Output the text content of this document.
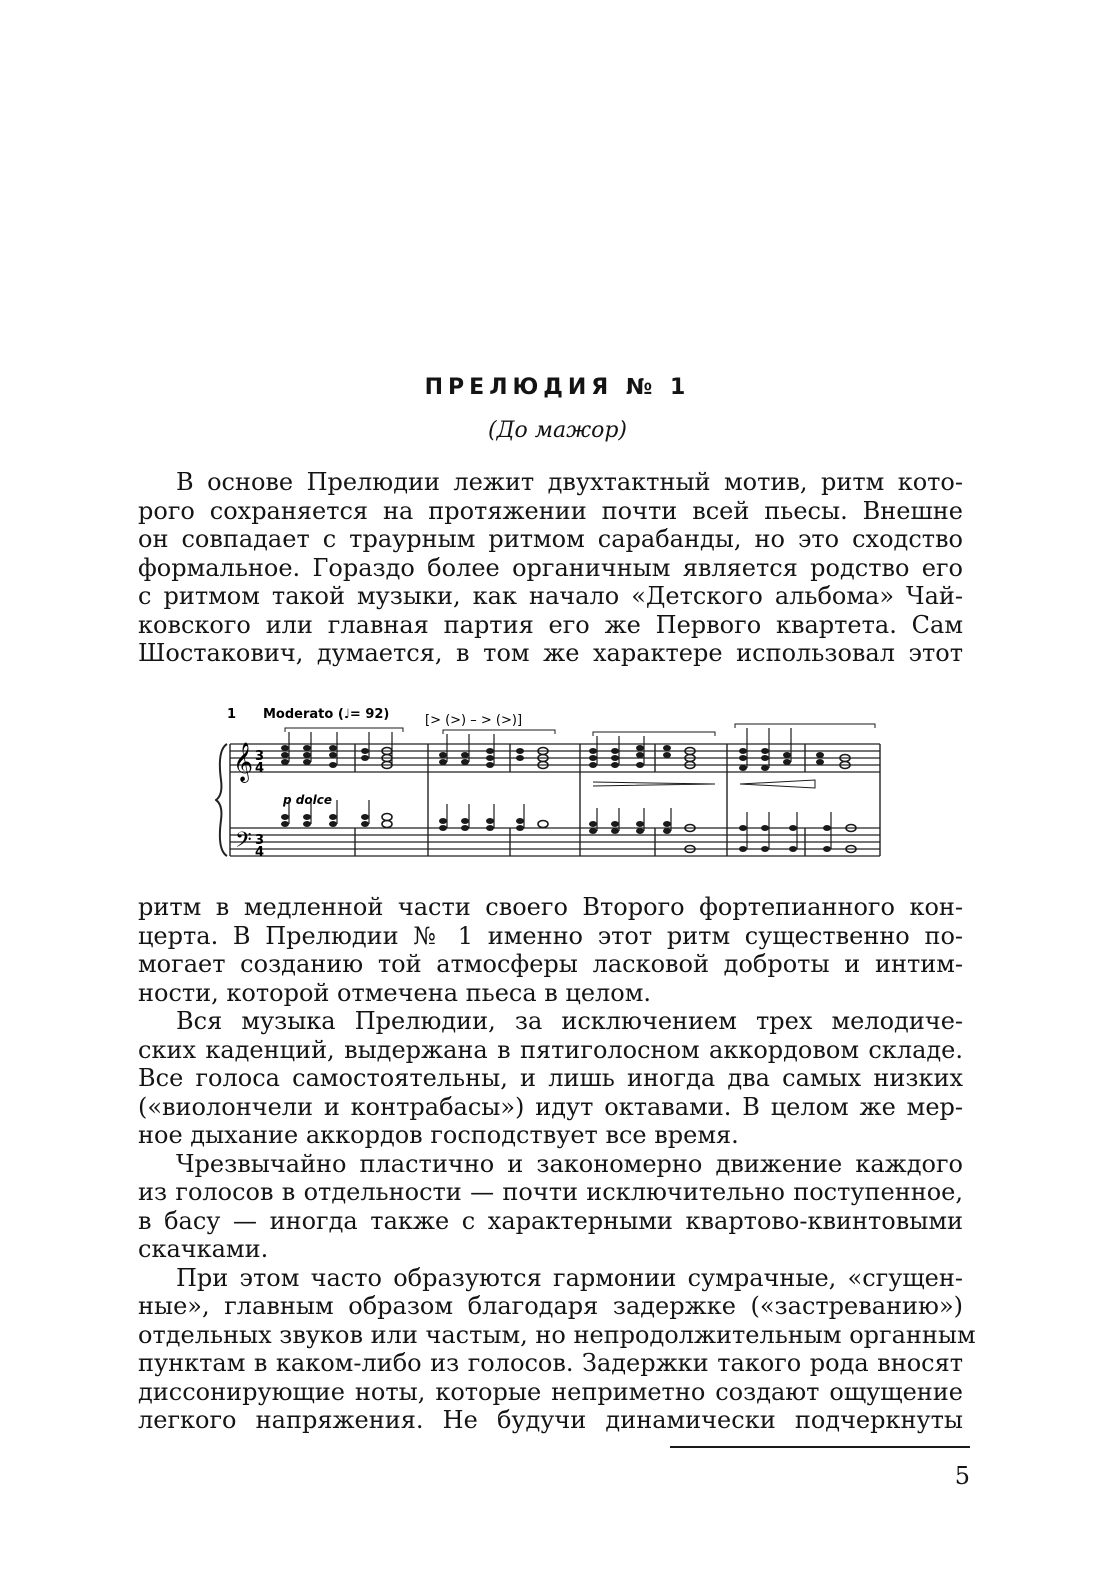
ПРЕЛЮДИЯ № 1
(До мажор)
В основе Прелюдии лежит двухтактный мотив, ритм кото-
рого сохраняется на протяжении почти всей пьесы. Внешне
он совпадает с траурным ритмом сарабанды, но это сходство
формальное. Гораздо более органичным является родство его
с ритмом такой музыки, как начало «Детского альбома» Чай-
ковского или главная партия его же Первого квартета. Сам
Шостакович, думается, в том же характере использовал этот
1 Moderato (♩= 92)	[> (>) – > (>)]
p dolce
𝄞
𝄢
3
4
3
4
ритм в медленной части своего Второго фортепианного кон-
церта. В Прелюдии № 1 именно этот ритм существенно по-
могает созданию той атмосферы ласковой доброты и интим-
ности, которой отмечена пьеса в целом.
Вся музыка Прелюдии, за исключением трех мелодиче-
ских каденций, выдержана в пятиголосном аккордовом складе.
Все голоса самостоятельны, и лишь иногда два самых низких
(«виолончели и контрабасы») идут октавами. В целом же мер-
ное дыхание аккордов господствует все время.
Чрезвычайно пластично и закономерно движение каждого
из голосов в отдельности — почти исключительно поступенное,
в басу — иногда также с характерными квартово-квинтовыми
скачками.
При этом часто образуются гармонии сумрачные, «сгущен-
ные», главным образом благодаря задержке («застреванию»)
отдельных звуков или частым, но непродолжительным органным
пунктам в каком-либо из голосов. Задержки такого рода вносят
диссонирующие ноты, которые неприметно создают ощущение
легкого напряжения. Не будучи динамически подчеркнуты
5
